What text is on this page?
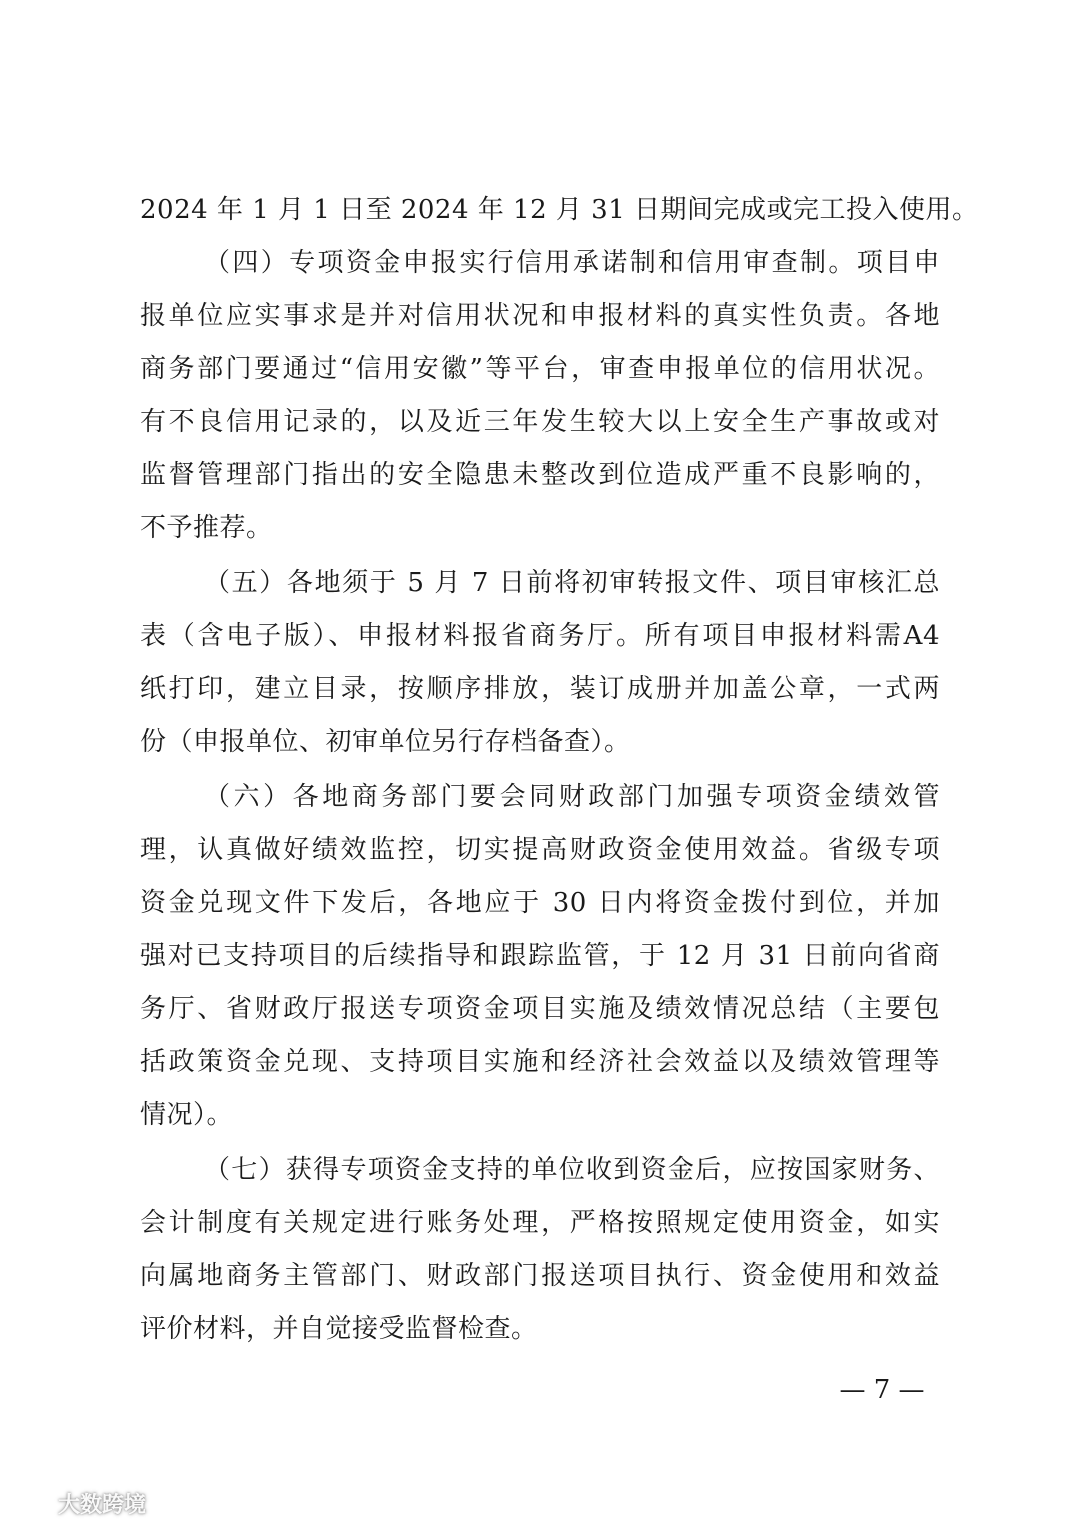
2024 年 1 月 1 日至 2024 年 12 月 31 日期间完成或完工投入使用。
（四）专项资金申报实行信用承诺制和信用审查制。项目申
报单位应实事求是并对信用状况和申报材料的真实性负责。各地
商务部门要通过“信用安徽”等平台，审查申报单位的信用状况。
有不良信用记录的，以及近三年发生较大以上安全生产事故或对
监督管理部门指出的安全隐患未整改到位造成严重不良影响的，
不予推荐。
（五）各地须于 5 月 7 日前将初审转报文件、项目审核汇总
表（含电子版）、申报材料报省商务厅。所有项目申报材料需A4
纸打印，建立目录，按顺序排放，装订成册并加盖公章，一式两
份（申报单位、初审单位另行存档备查）。
（六）各地商务部门要会同财政部门加强专项资金绩效管
理，认真做好绩效监控，切实提高财政资金使用效益。省级专项
资金兑现文件下发后，各地应于 30 日内将资金拨付到位，并加
强对已支持项目的后续指导和跟踪监管，于 12 月 31 日前向省商
务厅、省财政厅报送专项资金项目实施及绩效情况总结（主要包
括政策资金兑现、支持项目实施和经济社会效益以及绩效管理等
情况）。
（七）获得专项资金支持的单位收到资金后，应按国家财务、
会计制度有关规定进行账务处理，严格按照规定使用资金，如实
向属地商务主管部门、财政部门报送项目执行、资金使用和效益
评价材料，并自觉接受监督检查。
— 7 —
大数跨境
